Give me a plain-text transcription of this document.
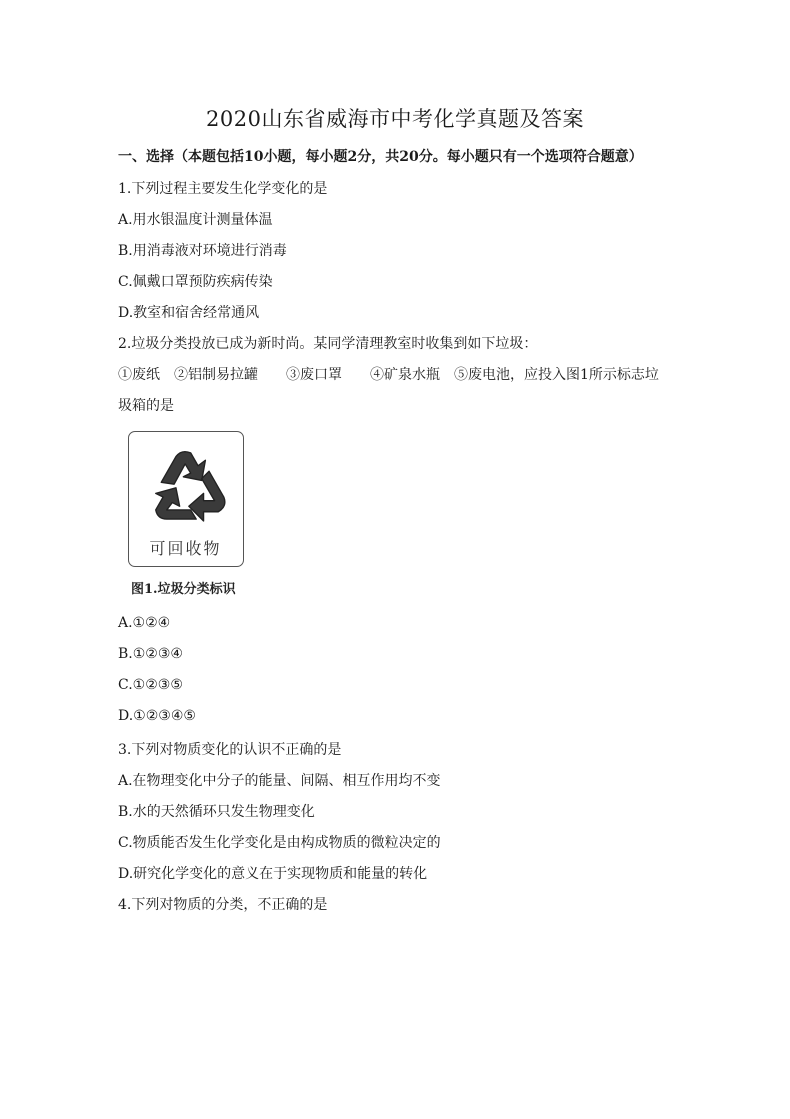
2020山东省威海市中考化学真题及答案
一、选择（本题包括10小题，每小题2分，共20分。每小题只有一个选项符合题意）
1.下列过程主要发生化学变化的是
A.用水银温度计测量体温
B.用消毒液对环境进行消毒
C.佩戴口罩预防疾病传染
D.教室和宿舍经常通风
2.垃圾分类投放已成为新时尚。某同学清理教室时收集到如下垃圾：
①废纸　②铝制易拉罐　　③废口罩　　④矿泉水瓶　⑤废电池，应投入图1所示标志垃
圾箱的是
可回收物
图1.垃圾分类标识
A.①②④
B.①②③④
C.①②③⑤
D.①②③④⑤
3.下列对物质变化的认识不正确的是
A.在物理变化中分子的能量、间隔、相互作用均不变
B.水的天然循环只发生物理变化
C.物质能否发生化学变化是由构成物质的微粒决定的
D.研究化学变化的意义在于实现物质和能量的转化
4.下列对物质的分类，不正确的是
